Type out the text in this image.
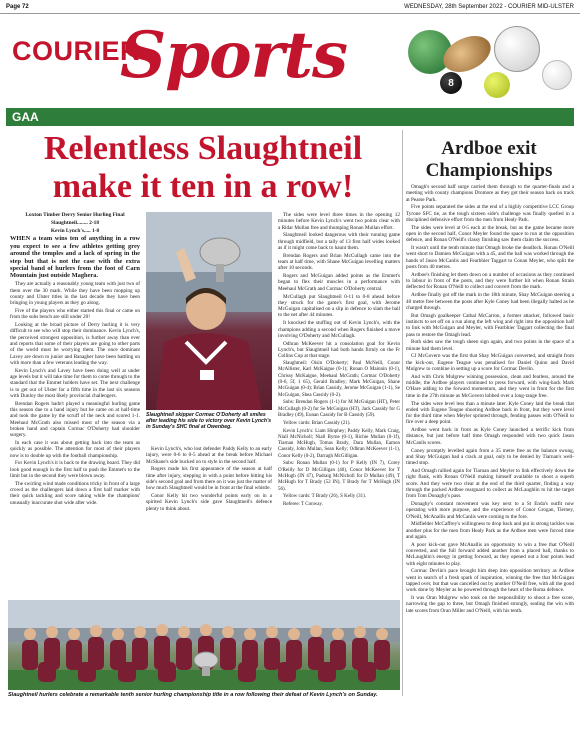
Page 72	WEDNESDAY, 28th September 2022 - COURIER MID-ULSTER
COURIER
Sports	8
GAA
Relentless Slaughtneil make it ten in a row!

Loxton Timber Derry Senior Hurling Final

Slaughtneil........ 2-18

Kevin Lynch's..... 1-8

WHEN a team wins ten of anything in a row you expect to see a few athletes getting grey around the temples and a lack of spring in the step but that is not the case with the extra special band of hurlers from the foot of Carn Mountain just outside Maghera.

They are actually a reasonably young team with just two of them over the 30 mark. While they have been mopping up county and Ulster titles in the last decade they have been bringing in young players as they go along.

Five of the players who either started this final or came on from the subs bench are still under 20!

Looking at the broad picture of Derry hurling it is very difficult to see who will stop their dominance. Kevin Lynch's, the perceived strongest opposition, is further away than ever and reports that some of their players are going to other parts of the world must be worrying them. The once dominant Lavey are down to junior and Banagher have been battling on with more than a few veterans leading the way.

Kevin Lynch's and Lavey have been doing well at under age levels but it will take time for them to come through to the standard that the Emmet holders have set. The next challenge is to get out of Ulster for a fifth time in the last six seasons with Dunloy the most likely provincial challengers.

Brendan Rogers hadn't played a meaningful hurling game this season due to a hand injury but he came on at half-time and took the game by the scruff of the neck and scored 1-1. Meehaul McGrath also missed most of the season via a broken hand and captain Cormac O'Doherty had shoulder surgery.

In each case it was about getting back into the team as quickly as possible. The attention for most of their players now is to double up with the football championship.

For Kevin Lynch's it is back to the drawing board. They did look good enough in the first half to push the Emmet's to the limit but in the second they were blown away.

The swirling wind made conditions tricky in front of a large crowd as the challengers laid down a first half marker with their quick tackling and score taking while the champions' unusually inaccurate shot wide after wide.

Slaughtneil skipper Cormac O'Doherty all smiles after leading his side to victory over Kevin Lynch's in Sunday's SHC final at Owenbeg.

Kevin Lynch's, who lost defender Paddy Kelly to an early injury, were 0-6 to 0-5 ahead at the break before Michael McShane's side bucked on to style in the second half.

Rogers made his first appearance of the season at half time after injury, stepping in with a point before hitting his side's second goal and from there on it was just the matter of how much Slaughtneil would be in front at the final whistle.

Conor Kelly hit two wonderful points early on in a spirited Kevin Lynch's side gave Slaughtneil's defence plenty to think about.

The sides were level three times in the opening 12 minutes before Kevin Lynch's went two points clear with a Ridar Mullan free and thumping Ronan Mullan effort.

Slaughtneil looked dangerous with their running game through midfield, but a tally of 13 first half wides looked as if it might come back to haunt them.

Brendan Rogers and Brian McCullagh came into the team at half time, with Shane McGuigan levelling matters after 10 seconds.

Rogers and McGuigan added points as the Emmet's began to flex their muscles in a performance with Meehaul McGrath and Cormac O'Doherty central.

McCullagh put Slaughtneil 0-11 to 0-8 ahead before they struck for the game's first goal, with Jerome McGuigan capitalised on a slip in defence to slam the ball to the net after 44 minutes.

It knocked the stuffing out of Kevin Lynch's, with the champions adding a second when Rogers finished a move involving O'Doherty and McCullagh.

Odhran McKeever hit a consolation goal for Kevin Lynch's, but Slaughtneil had both hands firmly on the Fr Collins Cup at that stage.

Slaughtneil: Oisin O'Doherty; Paul McNeill, Conor McAllister, Karl McKaigue (0-1); Ronan O Mainnin (0-1), Chrissy McKaigue, Meehaul McGrath; Cormac O'Doherty (0-6, 5f, 1 65), Gerald Bradley; Mark McGuigan, Shane McGuigan (0-4); Brian Cassidy, Jerome McGuigan (1-1), Se McGuigan, Shea Cassidy (0-2).

Subs: Brendan Rogers (1-1) for M McGuigan (HT), Peter McCullagh (0-2) for Se McGuigan (HT), Jack Cassidy for G Bradley (49), Eunan Cassidy for B Cassidy (59).

Yellow cards: Brian Cassidy (21).

Kevin Lynch's: Liam Hinphey; Paddy Kelly, Mark Craig, Niall McNicholl; Niall Byrne (0-1), Richie Mullan (0-1f), Tiarnan McHugh, Tomas Brady, Dara Mullan, Eamon Cassidy, John Mullan, Sean Kelly; Odhran McKeever (1-1), Conor Kelly (0-2), Darragh McGilligan.

Subs: Ronan Mullan (0-1) for P Kelly (IN 7), Corey O'Reilly for D McGilligan (40), Conor McKeever for T McHugh (IN 47), Padraig McNicholl for D Mullan (49), T McHugh for T Brady (52 IN), T Brady for T McHugh (IN 56).

Yellow cards: T Brady (26), S Kelly (31).

Referee: T Conway.

Ardboe exit Championships

Omagh's second half surge carried them through to the quarter-finals and a meeting with county champions Dromore as they got their season back on track at Pearse Park.

Five points separated the sides at the end of a highly competitive LCC Group Tyrone SFC tie, as the tough sixteen side's challenge was finally quelled in a disciplined defensive effort from the men from Healy Park.

The sides were level at 0-5 each at the break, but as the game became more open in the second half, Conor Meyler found the space to run at the opposition defence, and Ronan O'Neill's classy finishing saw them claim the success.

It wasn't until the tenth minute that Omagh broke the deadlock. Ronan O'Neill went short to Damien McGuigan with a 45, and the ball was worked through the hands of Jason McCanlis and Fearbhier Taggart to Conan Meyler, who split the posts from 40 metres.

Ardboe's finishing let them down on a number of occasions as they continued to labour in front of the posts, and they were further hit when Ronan Strain deflected for Ronan O'Neill to collect and convert from the mark.

Ardboe finally got off the mark in the 18th minute, Shay McGuigan steering a 40 metre free between the posts after Kyle Coney had been illegally halted as he charged through.

But Omagh goalkeeper Cathal McCarron, a former attacker, followed basic instincts to set off on a run along the left wing and right into the opposition half to link with McGuigan and Meyler, with Fearbhier Taggart collecting the final pass to restore the Omagh lead.

Both sides saw the tough sheen sign again, and two points in the space of a minute had them level.

CJ McGovern was the first that Shay McGuigan converted, and straight from the kick-out, Eugene Teague was penalised for Daniel Quinn and David Mulgrew to combine in setting up a score for Cormac Devlin.

And with Chris Mulgrew winning possession, clean and fearless, around the middle, the Ardboe players continued to press forward, with wing-back Mark O'Hare adding to the forward momentum, and they went in front for the first time in the 27th minute as McGovern lobbed over a long-range free.

The sides were level less than a minute later. Kyle Coney laid the break that ended with Eugene Teague shooting Ardboe back in front, but they were level for the third time when Meyler sprinted through, fending passes with O'Neill to fire over a deep point.

Ardboe went back in front as Kyle Coney launched a terrific kick from distance, but just before half time Omagh responded with two quick Jason McCanlis scores.

Coney promptly levelled again from a 35 metre free as the balance swung, and Shay McGuigan had a crack at goal, only to be denied by Tiarnan's well-timed stop.

And Omagh rallied again for Tiarnan and Meyler to link effectively down the right flank, with Ronan O'Neill making himself available to shoot a superb score. And they were two clear at the end of the third quarter, finding a way through the packed Ardboe rearguard to collect as McLaughlin to hit the target from Tom Donaghy's pass.

Donaghy's constant movement was key next to a St Enda's outfit now operating with more purpose, and the experience of Conor Grogan, Tierney, O'Neill, McAnallis and McCanlis were coming to the fore.

Midfielder McCaffrey's willingness to drop back and put in strong tackles was another plus for the men from Healy Park as the Ardboe men were forced time and again.

A poor kick-out gave McAnallis an opportunity to win a free that O'Neill converted, and the full forward added another from a placed ball, thanks to McLaughlin's energy in getting forward, as they opened out a four points lead with eight minutes to play.

Cormac Devlin's pace brought him deep into opposition territory as Ardboe went in search of a fresh spark of inspiration, winning the free that McGuigan tapped over, but that was cancelled out by another O'Neill free, with all the good work done by Meyler as he powered through the heart of the Roma defence.

It was Oran Mulgrew who took on the responsibility to shoot a free score, narrowing the gap to three, but Omagh finished strongly, sealing the win with late scores from Oran Miller and O'Neill, with his tenth.

Slaughtneil hurlers celebrate a remarkable tenth senior hurling championship title in a row following their defeat of Kevin Lynch's on Sunday.
